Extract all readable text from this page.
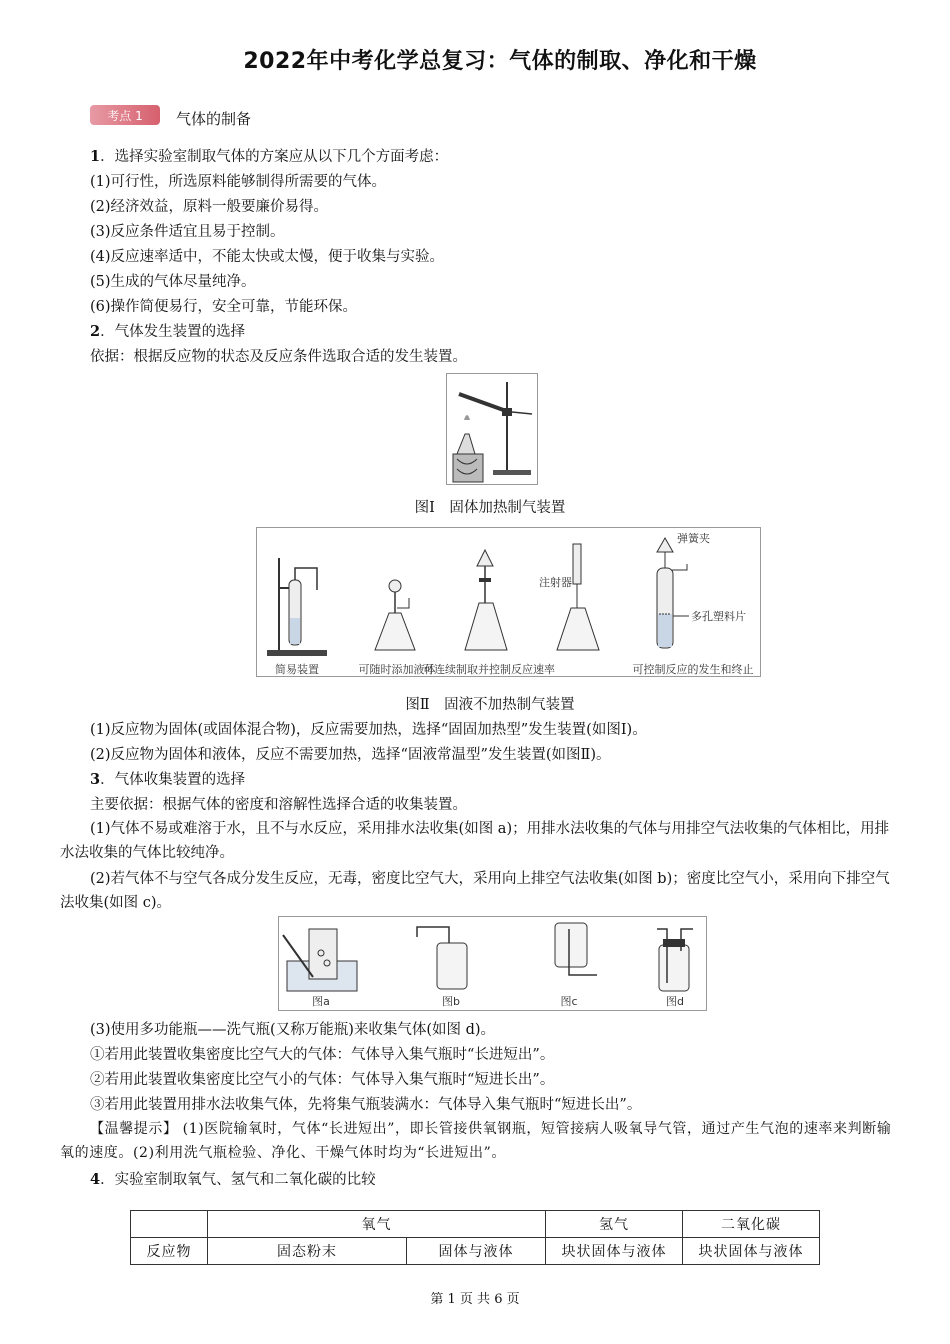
2022年中考化学总复习：气体的制取、净化和干燥
考点 1 气体的制备
1．选择实验室制取气体的方案应从以下几个方面考虑：
(1)可行性，所选原料能够制得所需要的气体。
(2)经济效益，原料一般要廉价易得。
(3)反应条件适宜且易于控制。
(4)反应速率适中，不能太快或太慢，便于收集与实验。
(5)生成的气体尽量纯净。
(6)操作简便易行，安全可靠，节能环保。
2．气体发生装置的选择
依据：根据反应物的状态及反应条件选取合适的发生装置。
图Ⅰ　固体加热制气装置
简易装置	可随时添加液体
可连续制取并控制反应速率
注射器
弹簧夹
多孔塑料片
可控制反应的发生和终止
图Ⅱ　固液不加热制气装置
(1)反应物为固体(或固体混合物)，反应需要加热，选择“固固加热型”发生装置(如图Ⅰ)。
(2)反应物为固体和液体，反应不需要加热，选择“固液常温型”发生装置(如图Ⅱ)。
3．气体收集装置的选择
主要依据：根据气体的密度和溶解性选择合适的收集装置。
(1)气体不易或难溶于水，且不与水反应，采用排水法收集(如图 a)；用排水法收集的气体与用排空气法收集的气体相比，用排水法收集的气体比较纯净。
(2)若气体不与空气各成分发生反应，无毒，密度比空气大，采用向上排空气法收集(如图 b)；密度比空气小，采用向下排空气法收集(如图 c)。
图a	图b	图c	图d
(3)使用多功能瓶——洗气瓶(又称万能瓶)来收集气体(如图 d)。
①若用此装置收集密度比空气大的气体：气体导入集气瓶时“长进短出”。
②若用此装置收集密度比空气小的气体：气体导入集气瓶时“短进长出”。
③若用此装置用排水法收集气体，先将集气瓶装满水：气体导入集气瓶时“短进长出”。
【温馨提示】 (1)医院输氧时，气体“长进短出”，即长管接供氧钢瓶，短管接病人吸氧导气管，通过产生气泡的速率来判断输氧的速度。(2)利用洗气瓶检验、净化、干燥气体时均为“长进短出”。
4．实验室制取氧气、氢气和二氧化碳的比较
	氧气		氢气	二氧化碳
反应物	固态粉末	固体与液体	块状固体与液体	块状固体与液体
第 1 页 共 6 页
